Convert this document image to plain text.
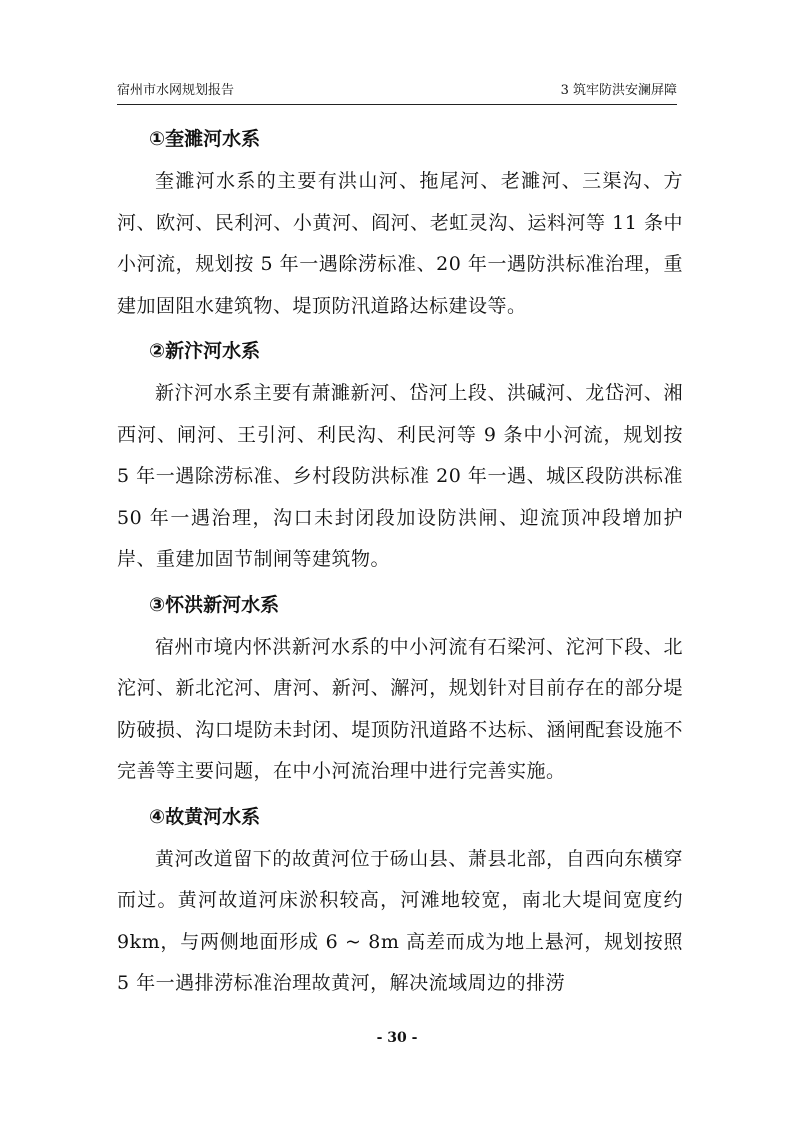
宿州市水网规划报告	3 筑牢防洪安澜屏障
①奎濉河水系

奎濉河水系的主要有洪山河、拖尾河、老濉河、三渠沟、方河、欧河、民利河、小黄河、阎河、老虹灵沟、运料河等 11 条中小河流，规划按 5 年一遇除涝标准、20 年一遇防洪标准治理，重建加固阻水建筑物、堤顶防汛道路达标建设等。

②新汴河水系

新汴河水系主要有萧濉新河、岱河上段、洪碱河、龙岱河、湘西河、闸河、王引河、利民沟、利民河等 9 条中小河流，规划按 5 年一遇除涝标准、乡村段防洪标准 20 年一遇、城区段防洪标准 50 年一遇治理，沟口未封闭段加设防洪闸、迎流顶冲段增加护岸、重建加固节制闸等建筑物。

③怀洪新河水系

宿州市境内怀洪新河水系的中小河流有石梁河、沱河下段、北沱河、新北沱河、唐河、新河、澥河，规划针对目前存在的部分堤防破损、沟口堤防未封闭、堤顶防汛道路不达标、涵闸配套设施不完善等主要问题，在中小河流治理中进行完善实施。

④故黄河水系

黄河改道留下的故黄河位于砀山县、萧县北部，自西向东横穿而过。黄河故道河床淤积较高，河滩地较宽，南北大堤间宽度约 9km，与两侧地面形成 6 ~ 8m 高差而成为地上悬河，规划按照 5 年一遇排涝标准治理故黄河，解决流域周边的排涝

- 30 -
